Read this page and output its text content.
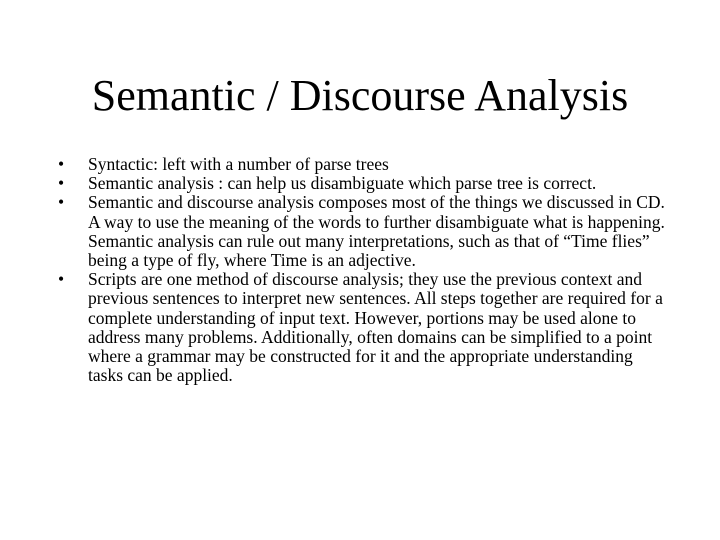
Semantic / Discourse Analysis
•	Syntactic: left with a number of parse trees
•	Semantic analysis : can help us disambiguate which parse tree is correct.
•	Semantic and discourse analysis composes most of the things we discussed in CD. A way to use the meaning of the words to further disambiguate what is happening. Semantic analysis can rule out many interpretations, such as that of “Time flies” being a type of fly, where Time is an adjective.
•	Scripts are one method of discourse analysis; they use the previous context and previous sentences to interpret new sentences. All steps together are required for a complete understanding of input text. However, portions may be used alone to address many problems. Additionally, often domains can be simplified to a point where a grammar may be constructed for it and the appropriate understanding tasks can be applied.
